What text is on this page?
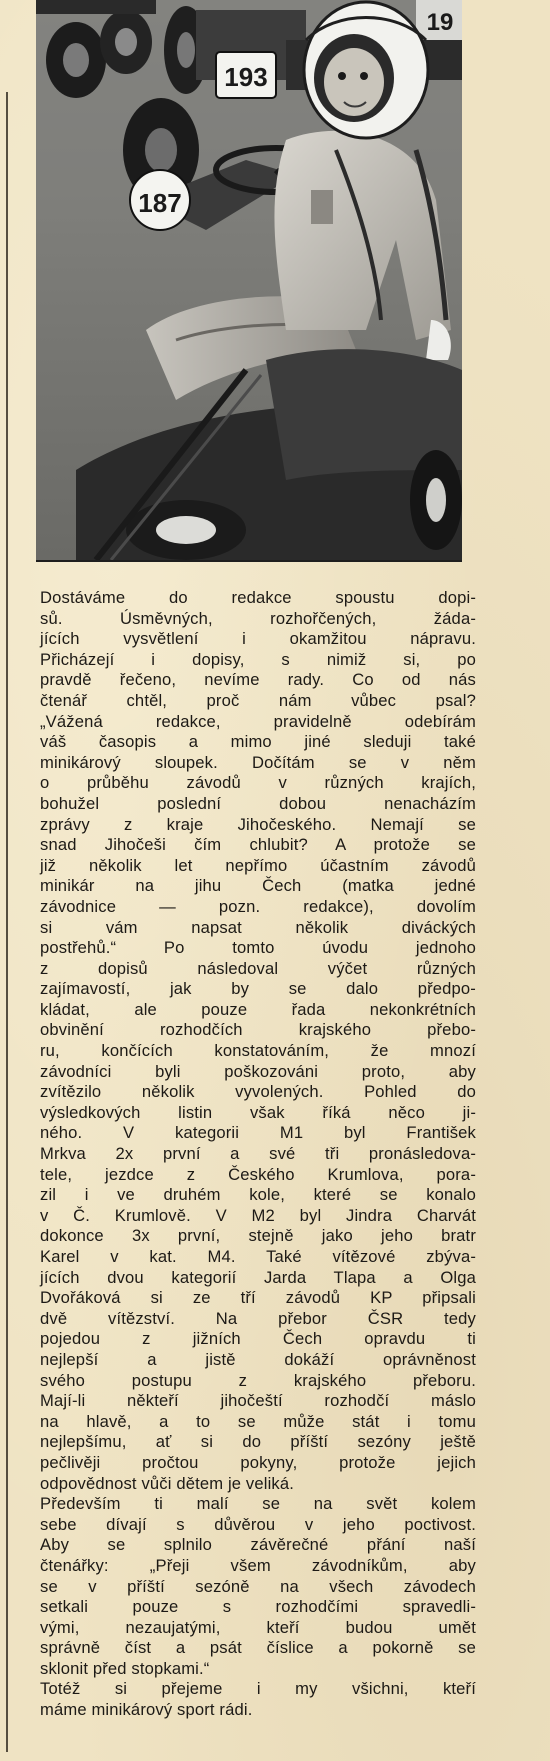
193
19
187
Dostáváme do redakce spoustu dopi-
sů. Úsměvných, rozhořčených, žáda-
jících vysvětlení i okamžitou nápravu.
Přicházejí i dopisy, s nimiž si, po
pravdě řečeno, nevíme rady. Co od nás
čtenář chtěl, proč nám vůbec psal?
„Vážená redakce, pravidelně odebírám
váš časopis a mimo jiné sleduji také
minikárový sloupek. Dočítám se v něm
o průběhu závodů v různých krajích,
bohužel poslední dobou nenacházím
zprávy z kraje Jihočeského. Nemají se
snad Jihočeši čím chlubit? A protože se
již několik let nepřímo účastním závodů
minikár na jihu Čech (matka jedné
závodnice — pozn. redakce), dovolím
si vám napsat několik diváckých
postřehů.“ Po tomto úvodu jednoho
z dopisů následoval výčet různých
zajímavostí, jak by se dalo předpo-
kládat, ale pouze řada nekonkrétních
obvinění rozhodčích krajského přebo-
ru, končících konstatováním, že mnozí
závodníci byli poškozováni proto, aby
zvítězilo několik vyvolených. Pohled do
výsledkových listin však říká něco ji-
ného. V kategorii M1 byl František
Mrkva 2x první a své tři pronásledova-
tele, jezdce z Českého Krumlova, pora-
zil i ve druhém kole, které se konalo
v Č. Krumlově. V M2 byl Jindra Charvát
dokonce 3x první, stejně jako jeho bratr
Karel v kat. M4. Také vítězové zbýva-
jících dvou kategorií Jarda Tlapa a Olga
Dvořáková si ze tří závodů KP připsali
dvě vítězství. Na přebor ČSR tedy
pojedou z jižních Čech opravdu ti
nejlepší a jistě dokáží oprávněnost
svého postupu z krajského přeboru.
Mají-li někteří jihočeští rozhodčí máslo
na hlavě, a to se může stát i tomu
nejlepšímu, ať si do příští sezóny ještě
pečlivěji pročtou pokyny, protože jejich
odpovědnost vůči dětem je veliká.
Především ti malí se na svět kolem
sebe dívají s důvěrou v jeho poctivost.
Aby se splnilo závěrečné přání naší
čtenářky: „Přeji všem závodníkům, aby
se v příští sezóně na všech závodech
setkali pouze s rozhodčími spravedli-
vými, nezaujatými, kteří budou umět
správně číst a psát číslice a pokorně se
sklonit před stopkami.“
Totéž si přejeme i my všichni, kteří
máme minikárový sport rádi.
